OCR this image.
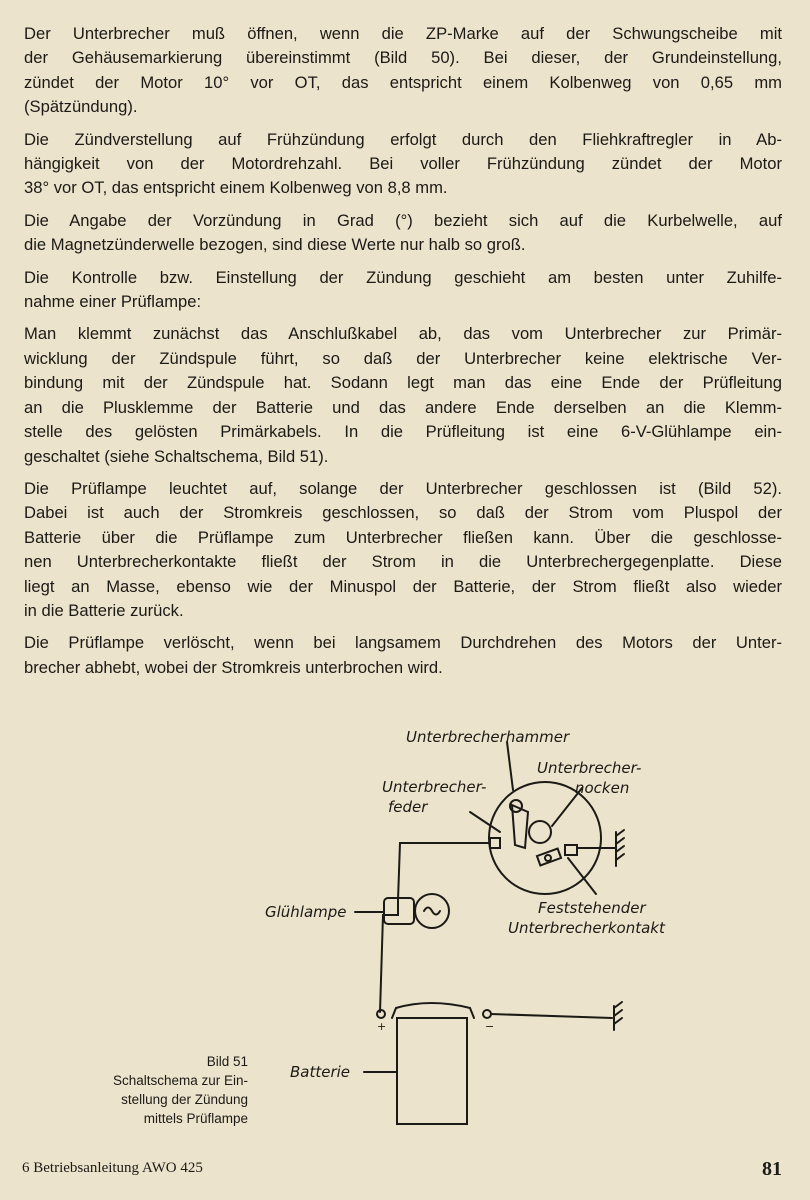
Der Unterbrecher muß öffnen, wenn die ZP-Marke auf der Schwungscheibe mit
der Gehäusemarkierung übereinstimmt (Bild 50). Bei dieser, der Grundeinstellung,
zündet der Motor 10° vor OT, das entspricht einem Kolbenweg von 0,65 mm
(Spätzündung).

Die Zündverstellung auf Frühzündung erfolgt durch den Fliehkraftregler in Ab-
hängigkeit von der Motordrehzahl. Bei voller Frühzündung zündet der Motor
38° vor OT, das entspricht einem Kolbenweg von 8,8 mm.

Die Angabe der Vorzündung in Grad (°) bezieht sich auf die Kurbelwelle, auf
die Magnetzünderwelle bezogen, sind diese Werte nur halb so groß.

Die Kontrolle bzw. Einstellung der Zündung geschieht am besten unter Zuhilfe-
nahme einer Prüflampe:

Man klemmt zunächst das Anschlußkabel ab, das vom Unterbrecher zur Primär-
wicklung der Zündspule führt, so daß der Unterbrecher keine elektrische Ver-
bindung mit der Zündspule hat. Sodann legt man das eine Ende der Prüfleitung
an die Plusklemme der Batterie und das andere Ende derselben an die Klemm-
stelle des gelösten Primärkabels. In die Prüfleitung ist eine 6-V-Glühlampe ein-
geschaltet (siehe Schaltschema, Bild 51).

Die Prüflampe leuchtet auf, solange der Unterbrecher geschlossen ist (Bild 52).
Dabei ist auch der Stromkreis geschlossen, so daß der Strom vom Pluspol der
Batterie über die Prüflampe zum Unterbrecher fließen kann. Über die geschlosse-
nen Unterbrecherkontakte fließt der Strom in die Unterbrechergegenplatte. Diese
liegt an Masse, ebenso wie der Minuspol der Batterie, der Strom fließt also wieder
in die Batterie zurück.

Die Prüflampe verlöscht, wenn bei langsamem Durchdrehen des Motors der Unter-
brecher abhebt, wobei der Stromkreis unterbrochen wird.

Unterbrecherhammer
Unterbrecher-
nocken
Unterbrecher-
feder
Glühlampe	Feststehender
Unterbrecherkontakt
Batterie
+	−
Bild 51
Schaltschema zur Ein-
stellung der Zündung
mittels Prüflampe
6 Betriebsanleitung AWO 425	81
